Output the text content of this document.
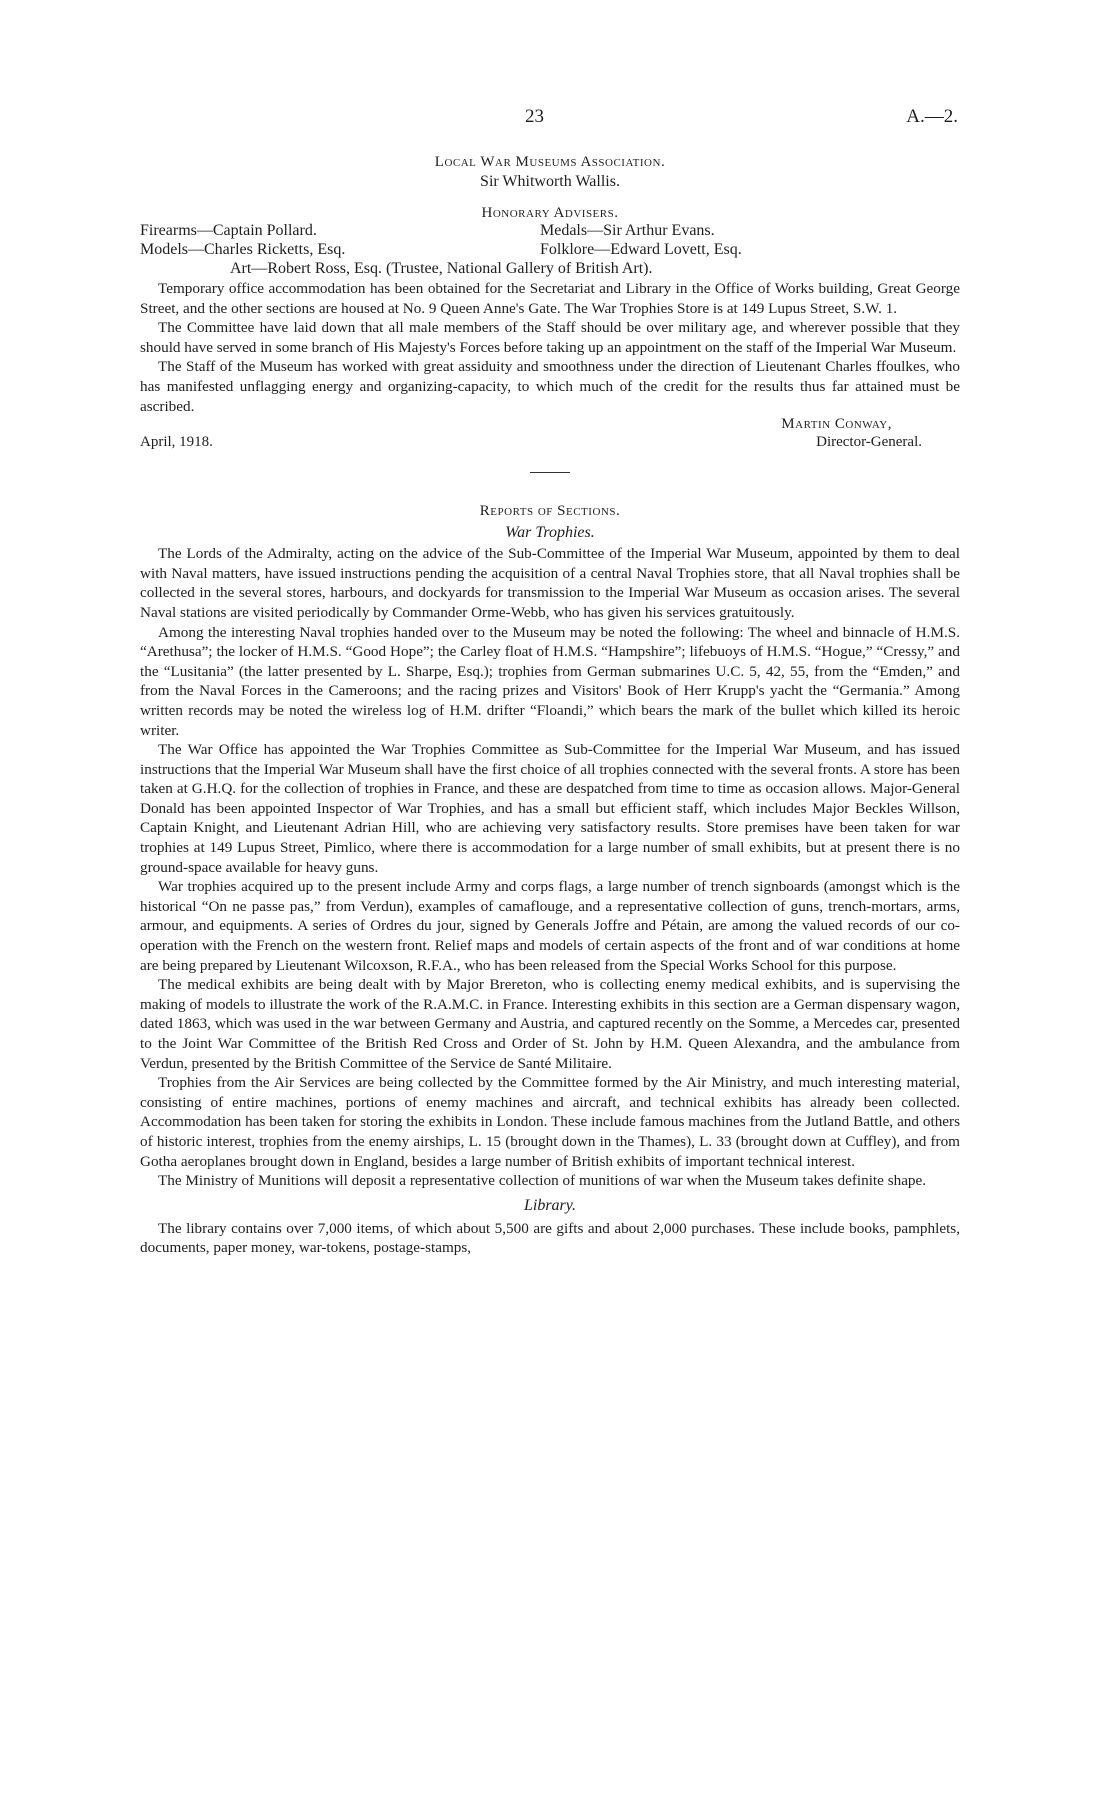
23	A.—2.
Local War Museums Association.
Sir Whitworth Wallis.
Honorary Advisers.
Firearms—Captain Pollard.	Medals—Sir Arthur Evans.
Models—Charles Ricketts, Esq.	Folklore—Edward Lovett, Esq.
Art—Robert Ross, Esq. (Trustee, National Gallery of British Art).

Temporary office accommodation has been obtained for the Secretariat and Library in the Office of Works building, Great George Street, and the other sections are housed at No. 9 Queen Anne's Gate. The War Trophies Store is at 149 Lupus Street, S.W. 1.

The Committee have laid down that all male members of the Staff should be over military age, and wherever possible that they should have served in some branch of His Majesty's Forces before taking up an appointment on the staff of the Imperial War Museum.

The Staff of the Museum has worked with great assiduity and smoothness under the direction of Lieutenant Charles ffoulkes, who has manifested unflagging energy and organizing-capacity, to which much of the credit for the results thus far attained must be ascribed.

April, 1918.
Martin Conway,
Director-General.
Reports of Sections.
War Trophies.

The Lords of the Admiralty, acting on the advice of the Sub-Committee of the Imperial War Museum, appointed by them to deal with Naval matters, have issued instructions pending the acquisition of a central Naval Trophies store, that all Naval trophies shall be collected in the several stores, harbours, and dockyards for transmission to the Imperial War Museum as occasion arises. The several Naval stations are visited periodically by Commander Orme-Webb, who has given his services gratuitously.

Among the interesting Naval trophies handed over to the Museum may be noted the following: The wheel and binnacle of H.M.S. “Arethusa”; the locker of H.M.S. “Good Hope”; the Carley float of H.M.S. “Hampshire”; lifebuoys of H.M.S. “Hogue,” “Cressy,” and the “Lusitania” (the latter presented by L. Sharpe, Esq.); trophies from German submarines U.C. 5, 42, 55, from the “Emden,” and from the Naval Forces in the Cameroons; and the racing prizes and Visitors' Book of Herr Krupp's yacht the “Germania.” Among written records may be noted the wireless log of H.M. drifter “Floandi,” which bears the mark of the bullet which killed its heroic writer.

The War Office has appointed the War Trophies Committee as Sub-Committee for the Imperial War Museum, and has issued instructions that the Imperial War Museum shall have the first choice of all trophies connected with the several fronts. A store has been taken at G.H.Q. for the collection of trophies in France, and these are despatched from time to time as occasion allows. Major-General Donald has been appointed Inspector of War Trophies, and has a small but efficient staff, which includes Major Beckles Willson, Captain Knight, and Lieutenant Adrian Hill, who are achieving very satisfactory results. Store premises have been taken for war trophies at 149 Lupus Street, Pimlico, where there is accommodation for a large number of small exhibits, but at present there is no ground-space available for heavy guns.

War trophies acquired up to the present include Army and corps flags, a large number of trench signboards (amongst which is the historical “On ne passe pas,” from Verdun), examples of camaflouge, and a representative collection of guns, trench-mortars, arms, armour, and equipments. A series of Ordres du jour, signed by Generals Joffre and Pétain, are among the valued records of our co-operation with the French on the western front. Relief maps and models of certain aspects of the front and of war conditions at home are being prepared by Lieutenant Wilcoxson, R.F.A., who has been released from the Special Works School for this purpose.

The medical exhibits are being dealt with by Major Brereton, who is collecting enemy medical exhibits, and is supervising the making of models to illustrate the work of the R.A.M.C. in France. Interesting exhibits in this section are a German dispensary wagon, dated 1863, which was used in the war between Germany and Austria, and captured recently on the Somme, a Mercedes car, presented to the Joint War Committee of the British Red Cross and Order of St. John by H.M. Queen Alexandra, and the ambulance from Verdun, presented by the British Committee of the Service de Santé Militaire.

Trophies from the Air Services are being collected by the Committee formed by the Air Ministry, and much interesting material, consisting of entire machines, portions of enemy machines and aircraft, and technical exhibits has already been collected. Accommodation has been taken for storing the exhibits in London. These include famous machines from the Jutland Battle, and others of historic interest, trophies from the enemy airships, L. 15 (brought down in the Thames), L. 33 (brought down at Cuffley), and from Gotha aeroplanes brought down in England, besides a large number of British exhibits of important technical interest.

The Ministry of Munitions will deposit a representative collection of munitions of war when the Museum takes definite shape.

Library.

The library contains over 7,000 items, of which about 5,500 are gifts and about 2,000 purchases. These include books, pamphlets, documents, paper money, war-tokens, postage-stamps,
